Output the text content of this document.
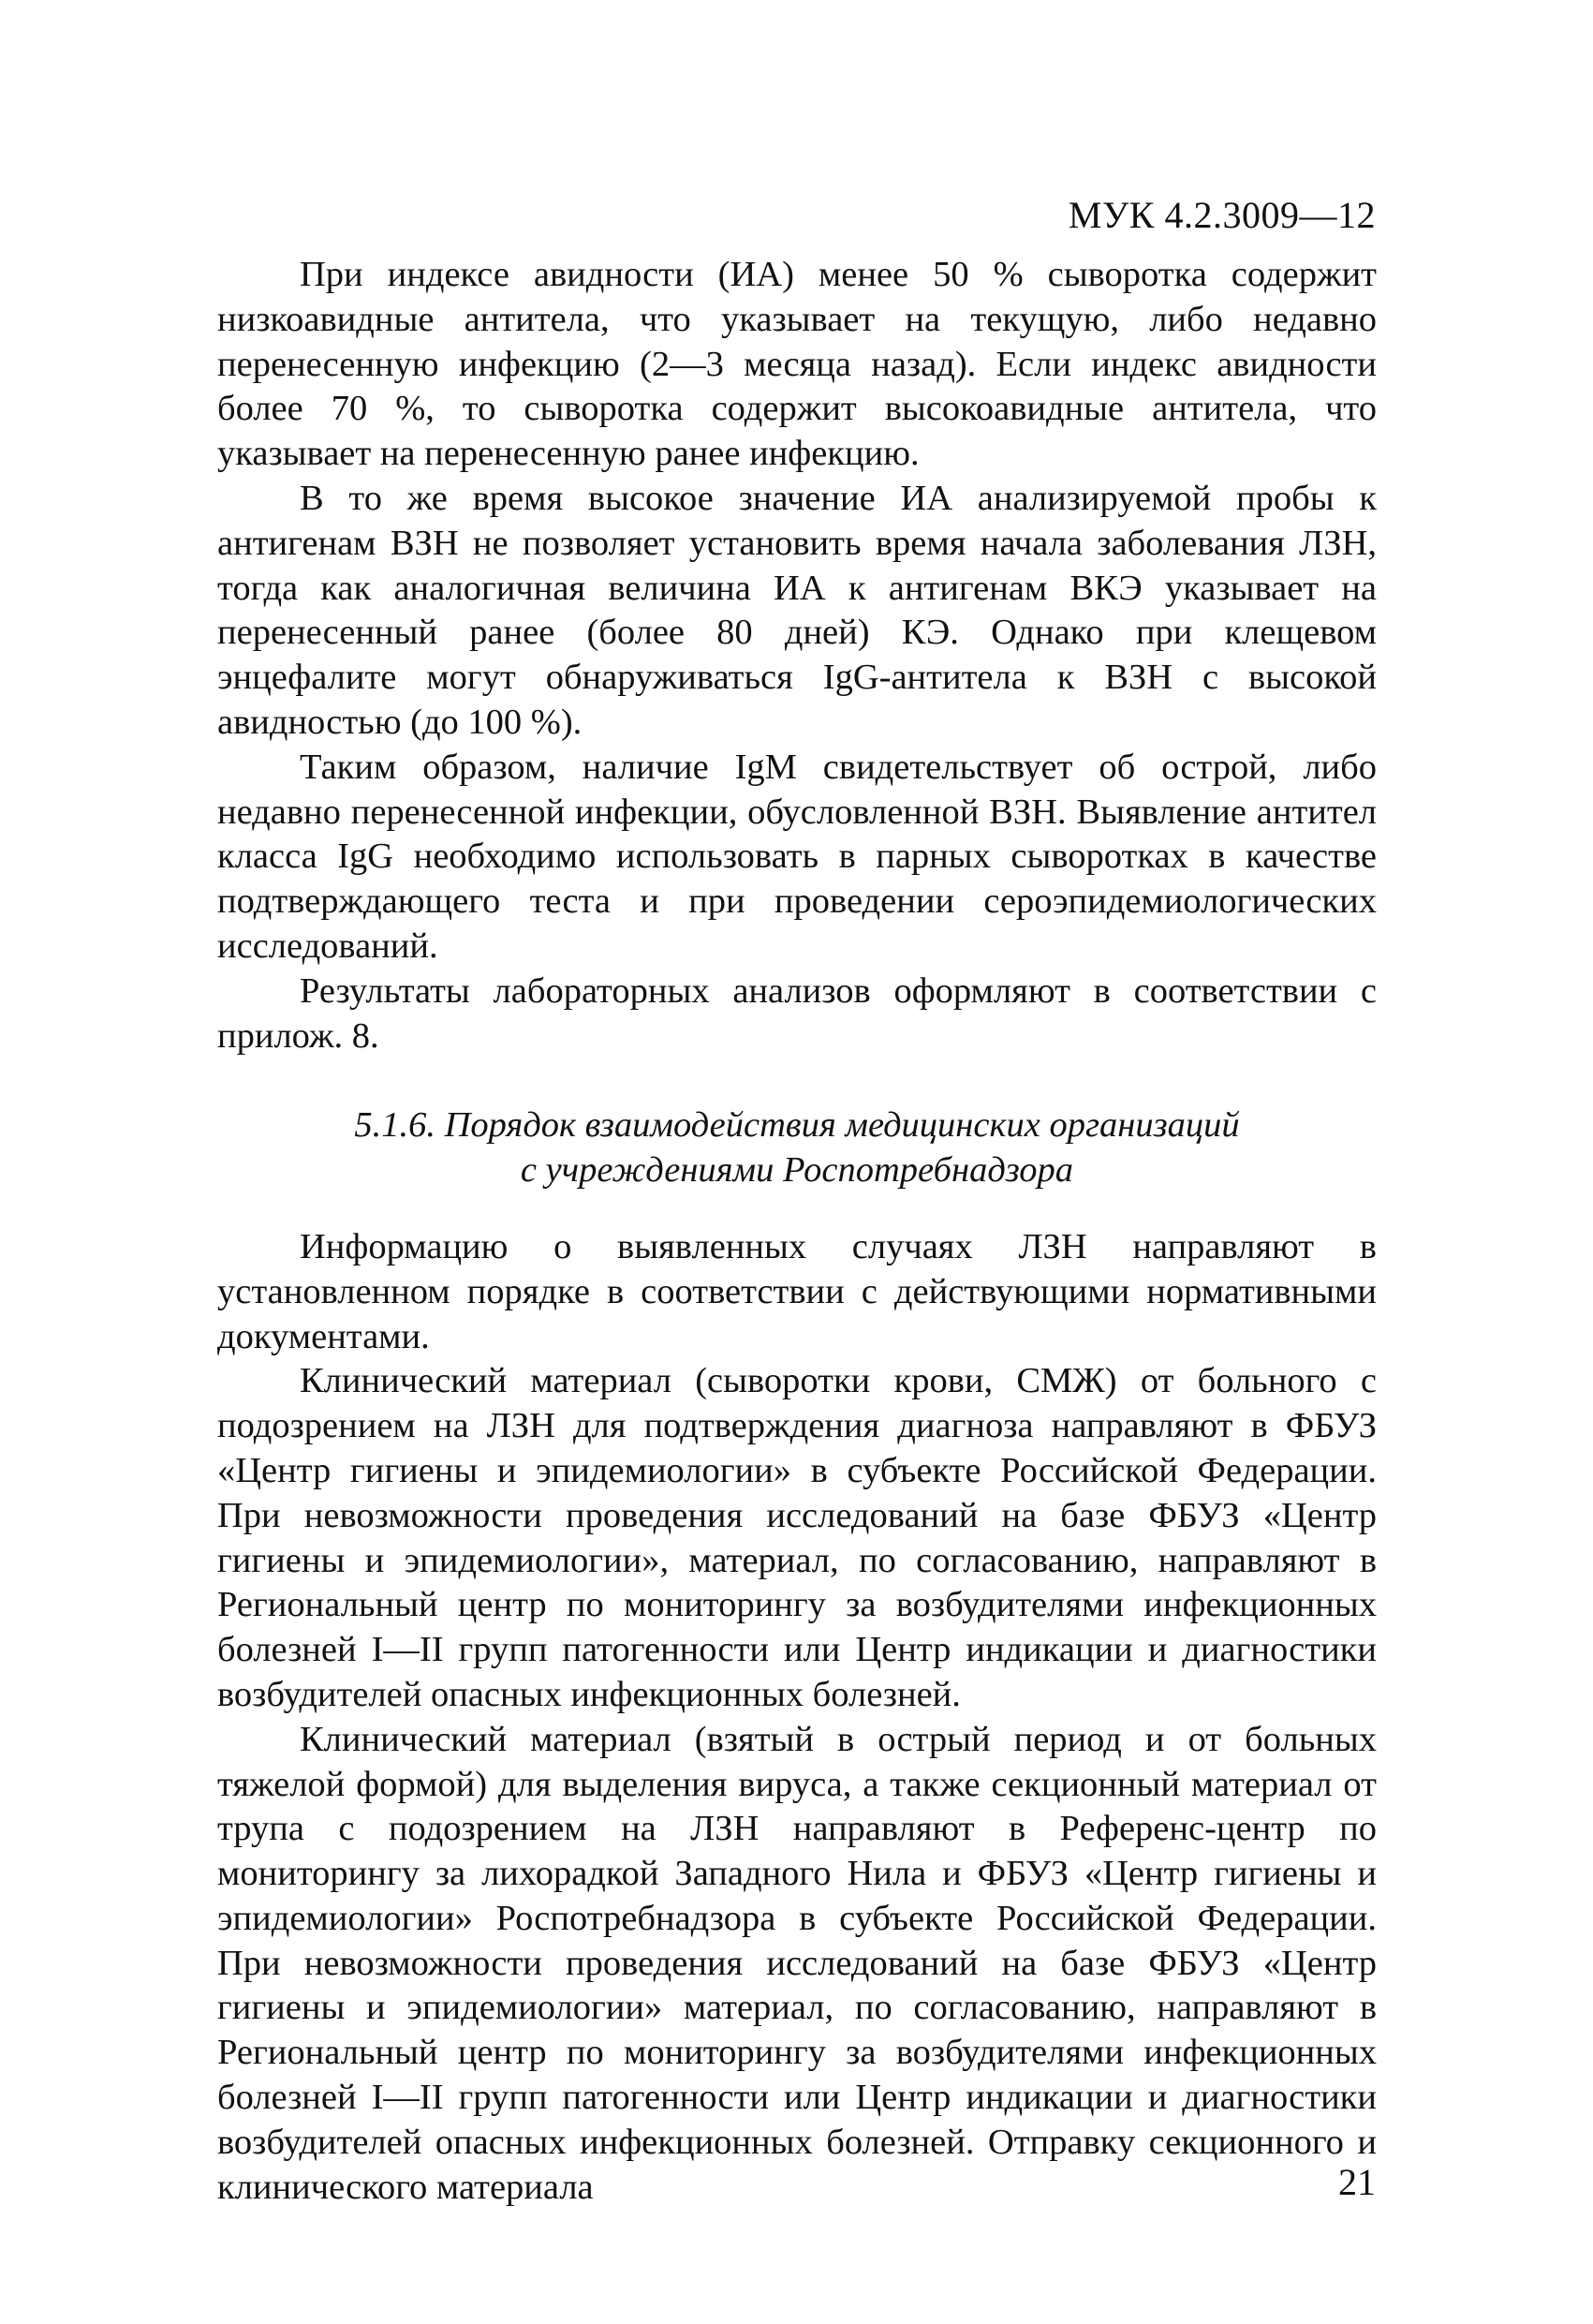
МУК 4.2.3009—12

При индексе авидности (ИА) менее 50 % сыворотка содержит низкоавидные антитела, что указывает на текущую, либо недавно перенесенную инфекцию (2—3 месяца назад). Если индекс авидности более 70 %, то сыворотка содержит высокоавидные антитела, что указывает на перенесенную ранее инфекцию.

В то же время высокое значение ИА анализируемой пробы к антигенам ВЗН не позволяет установить время начала заболевания ЛЗН, тогда как аналогичная величина ИА к антигенам ВКЭ указывает на перенесенный ранее (более 80 дней) КЭ. Однако при клещевом энцефалите могут обнаруживаться IgG-антитела к ВЗН с высокой авидностью (до 100 %).

Таким образом, наличие IgM свидетельствует об острой, либо недавно перенесенной инфекции, обусловленной ВЗН. Выявление антител класса IgG необходимо использовать в парных сыворотках в качестве подтверждающего теста и при проведении сероэпидемиологических исследований.

Результаты лабораторных анализов оформляют в соответствии с прилож. 8.

5.1.6. Порядок взаимодействия медицинских организаций
с учреждениями Роспотребнадзора

Информацию о выявленных случаях ЛЗН направляют в установленном порядке в соответствии с действующими нормативными документами.

Клинический материал (сыворотки крови, СМЖ) от больного с подозрением на ЛЗН для подтверждения диагноза направляют в ФБУЗ «Центр гигиены и эпидемиологии» в субъекте Российской Федерации. При невозможности проведения исследований на базе ФБУЗ «Центр гигиены и эпидемиологии», материал, по согласованию, направляют в Региональный центр по мониторингу за возбудителями инфекционных болезней I—II групп патогенности или Центр индикации и диагностики возбудителей опасных инфекционных болезней.

Клинический материал (взятый в острый период и от больных тяжелой формой) для выделения вируса, а также секционный материал от трупа с подозрением на ЛЗН направляют в Референс-центр по мониторингу за лихорадкой Западного Нила и ФБУЗ «Центр гигиены и эпидемиологии» Роспотребнадзора в субъекте Российской Федерации. При невозможности проведения исследований на базе ФБУЗ «Центр гигиены и эпидемиологии» материал, по согласованию, направляют в Региональный центр по мониторингу за возбудителями инфекционных болезней I—II групп патогенности или Центр индикации и диагностики возбудителей опасных инфекционных болезней. Отправку секционного и клинического материала	21
